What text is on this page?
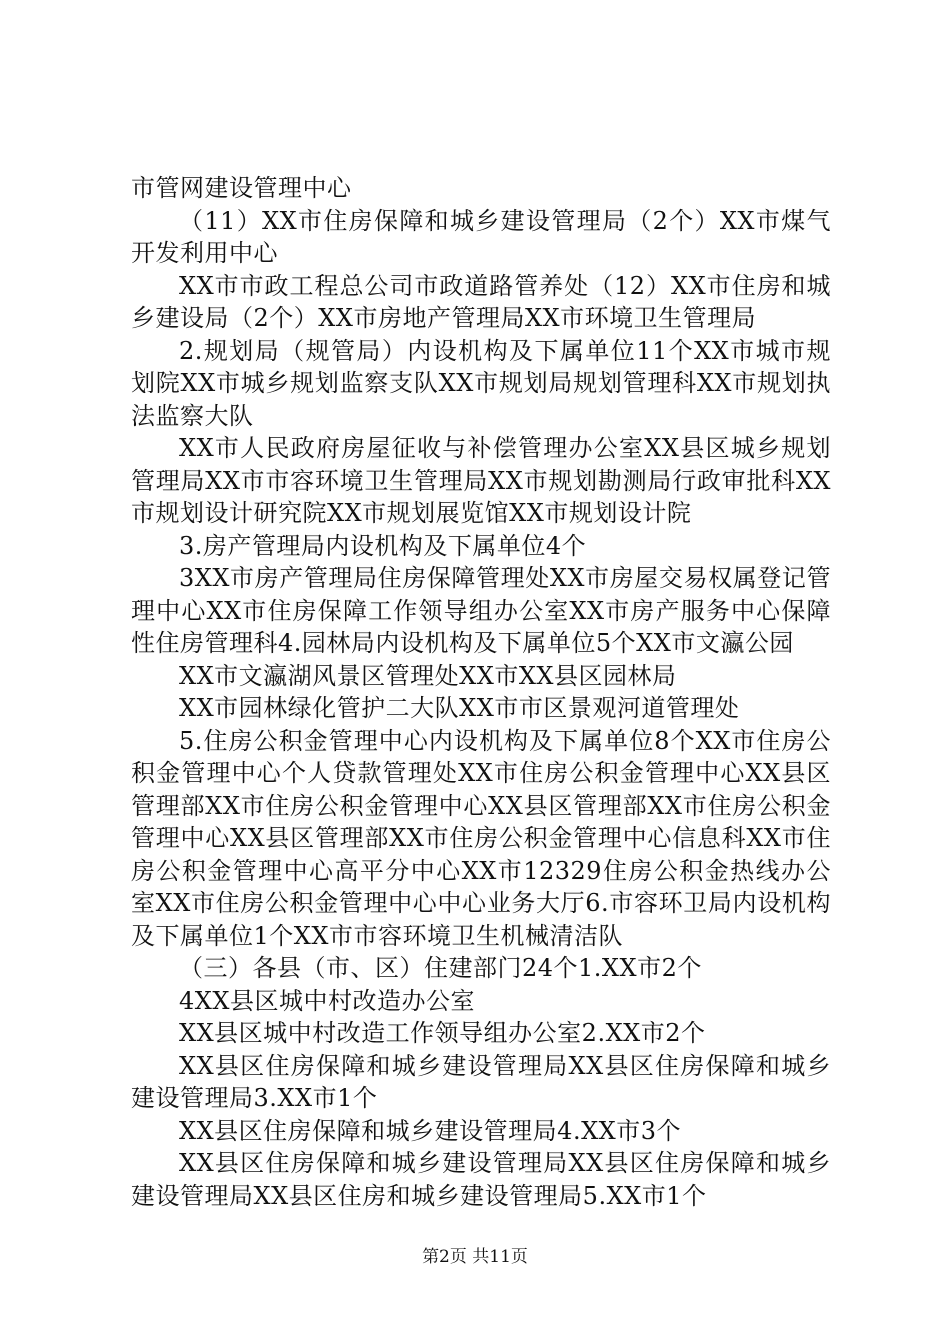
市管网建设管理中心

（11）XX市住房保障和城乡建设管理局（2个）XX市煤气开发利用中心

XX市市政工程总公司市政道路管养处（12）XX市住房和城乡建设局（2个）XX市房地产管理局XX市环境卫生管理局

2.规划局（规管局）内设机构及下属单位11个XX市城市规划院XX市城乡规划监察支队XX市规划局规划管理科XX市规划执法监察大队

XX市人民政府房屋征收与补偿管理办公室XX县区城乡规划管理局XX市市容环境卫生管理局XX市规划勘测局行政审批科XX市规划设计研究院XX市规划展览馆XX市规划设计院

3.房产管理局内设机构及下属单位4个

3XX市房产管理局住房保障管理处XX市房屋交易权属登记管理中心XX市住房保障工作领导组办公室XX市房产服务中心保障性住房管理科4.园林局内设机构及下属单位5个XX市文瀛公园

XX市文瀛湖风景区管理处XX市XX县区园林局

XX市园林绿化管护二大队XX市市区景观河道管理处

5.住房公积金管理中心内设机构及下属单位8个XX市住房公积金管理中心个人贷款管理处XX市住房公积金管理中心XX县区管理部XX市住房公积金管理中心XX县区管理部XX市住房公积金管理中心XX县区管理部XX市住房公积金管理中心信息科XX市住房公积金管理中心高平分中心XX市12329住房公积金热线办公室XX市住房公积金管理中心中心业务大厅6.市容环卫局内设机构及下属单位1个XX市市容环境卫生机械清洁队

（三）各县（市、区）住建部门24个1.XX市2个

4XX县区城中村改造办公室

XX县区城中村改造工作领导组办公室2.XX市2个

XX县区住房保障和城乡建设管理局XX县区住房保障和城乡建设管理局3.XX市1个

XX县区住房保障和城乡建设管理局4.XX市3个

XX县区住房保障和城乡建设管理局XX县区住房保障和城乡建设管理局XX县区住房和城乡建设管理局5.XX市1个

第2页 共11页
